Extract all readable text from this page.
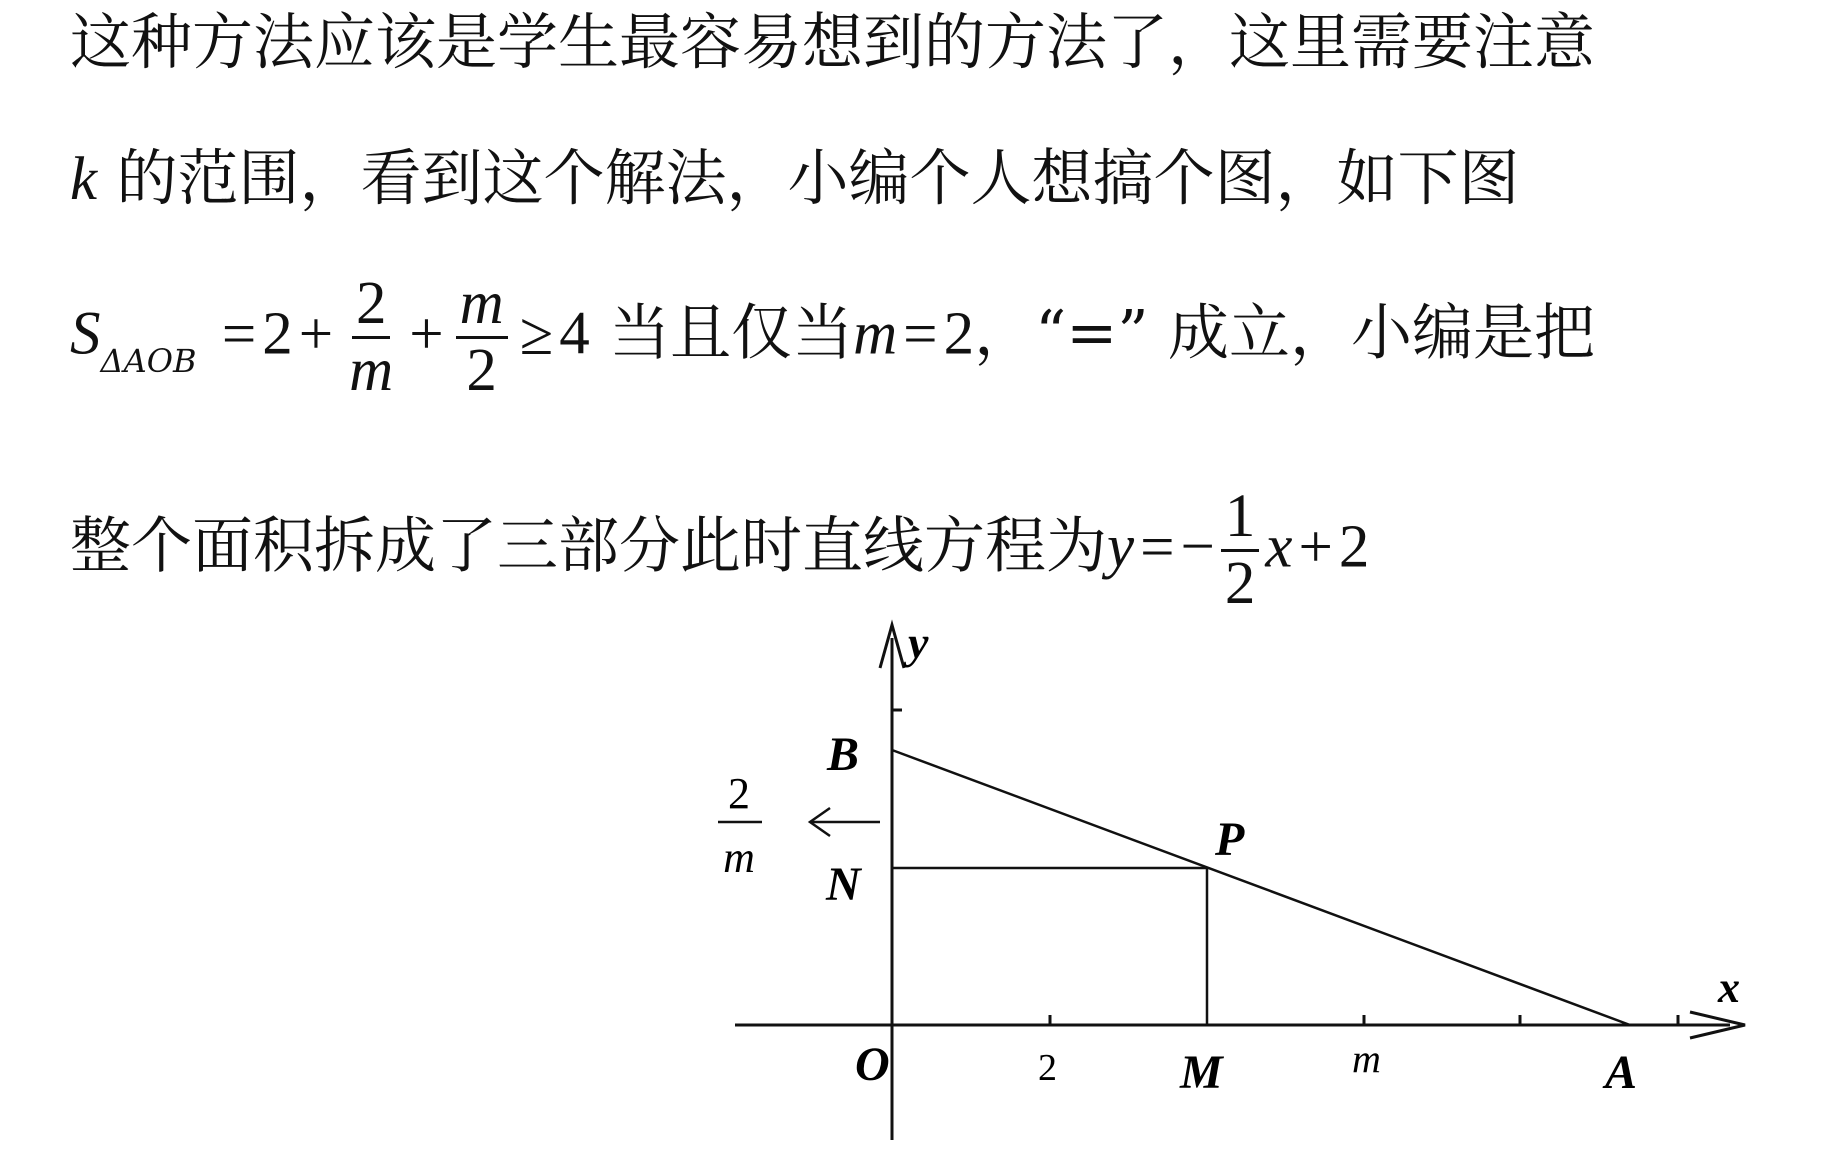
这种方法应该是学生最容易想到的方法了，这里需要注意
k 的范围，看到这个解法，小编个人想搞个图，如下图
$S_{\Delta AOB} =2+ \frac{2}{m} + \frac{m}{2} \ge 4$ 当且仅当m=2，“=” 成立，小编是把
整个面积拆成了三部分此时直线方程为$y=- \frac{1}{2} x+2$
x
y
O	A
B
M
N
P
2	m
2
m
